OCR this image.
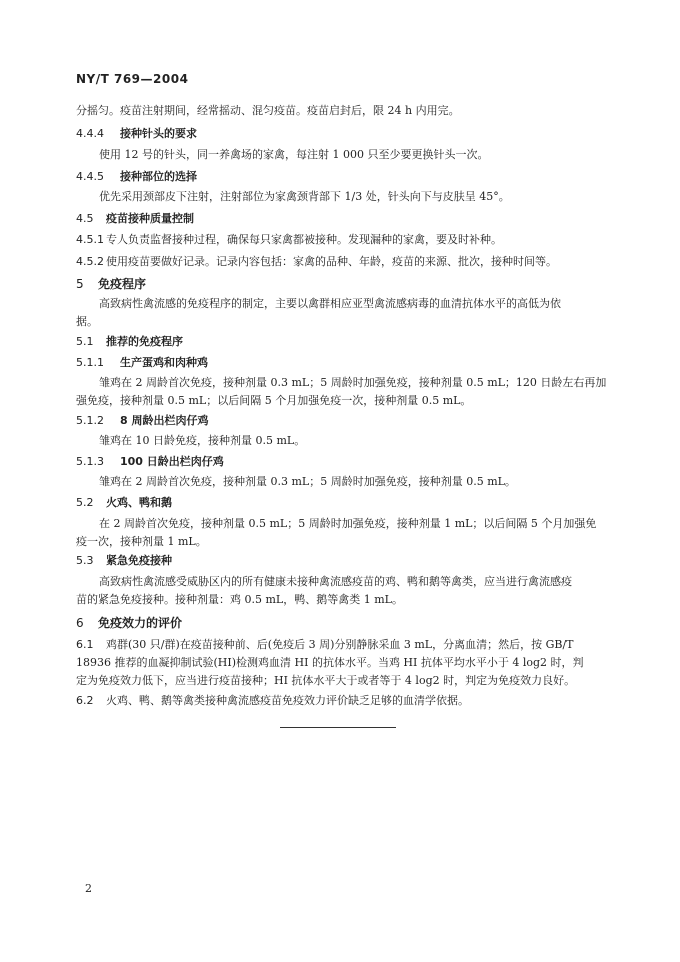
NY/T 769—2004
分摇匀。疫苗注射期间，经常摇动、混匀疫苗。疫苗启封后，限 24 h 内用完。
4.4.4 接种针头的要求
使用 12 号的针头，同一养禽场的家禽，每注射 1 000 只至少要更换针头一次。
4.4.5 接种部位的选择
优先采用颈部皮下注射，注射部位为家禽颈背部下 1/3 处，针头向下与皮肤呈 45°。
4.5 疫苗接种质量控制
4.5.1 专人负责监督接种过程，确保每只家禽都被接种。发现漏种的家禽，要及时补种。
4.5.2 使用疫苗要做好记录。记录内容包括：家禽的品种、年龄，疫苗的来源、批次，接种时间等。
5 免疫程序
高致病性禽流感的免疫程序的制定，主要以禽群相应亚型禽流感病毒的血清抗体水平的高低为依
据。
5.1 推荐的免疫程序
5.1.1 生产蛋鸡和肉种鸡
雏鸡在 2 周龄首次免疫，接种剂量 0.3 mL；5 周龄时加强免疫，接种剂量 0.5 mL；120 日龄左右再加
强免疫，接种剂量 0.5 mL；以后间隔 5 个月加强免疫一次，接种剂量 0.5 mL。
5.1.2 8 周龄出栏肉仔鸡
雏鸡在 10 日龄免疫，接种剂量 0.5 mL。
5.1.3 100 日龄出栏肉仔鸡
雏鸡在 2 周龄首次免疫，接种剂量 0.3 mL；5 周龄时加强免疫，接种剂量 0.5 mL。
5.2 火鸡、鸭和鹅
在 2 周龄首次免疫，接种剂量 0.5 mL；5 周龄时加强免疫，接种剂量 1 mL；以后间隔 5 个月加强免
疫一次，接种剂量 1 mL。
5.3 紧急免疫接种
高致病性禽流感受威胁区内的所有健康未接种禽流感疫苗的鸡、鸭和鹅等禽类，应当进行禽流感疫
苗的紧急免疫接种。接种剂量：鸡 0.5 mL，鸭、鹅等禽类 1 mL。
6 免疫效力的评价
6.1 鸡群(30 只/群)在疫苗接种前、后(免疫后 3 周)分别静脉采血 3 mL，分离血清；然后，按 GB/T
18936 推荐的血凝抑制试验(HI)检测鸡血清 HI 的抗体水平。当鸡 HI 抗体平均水平小于 4 log2 时，判
定为免疫效力低下，应当进行疫苗接种；HI 抗体水平大于或者等于 4 log2 时，判定为免疫效力良好。
6.2 火鸡、鸭、鹅等禽类接种禽流感疫苗免疫效力评价缺乏足够的血清学依据。
2
